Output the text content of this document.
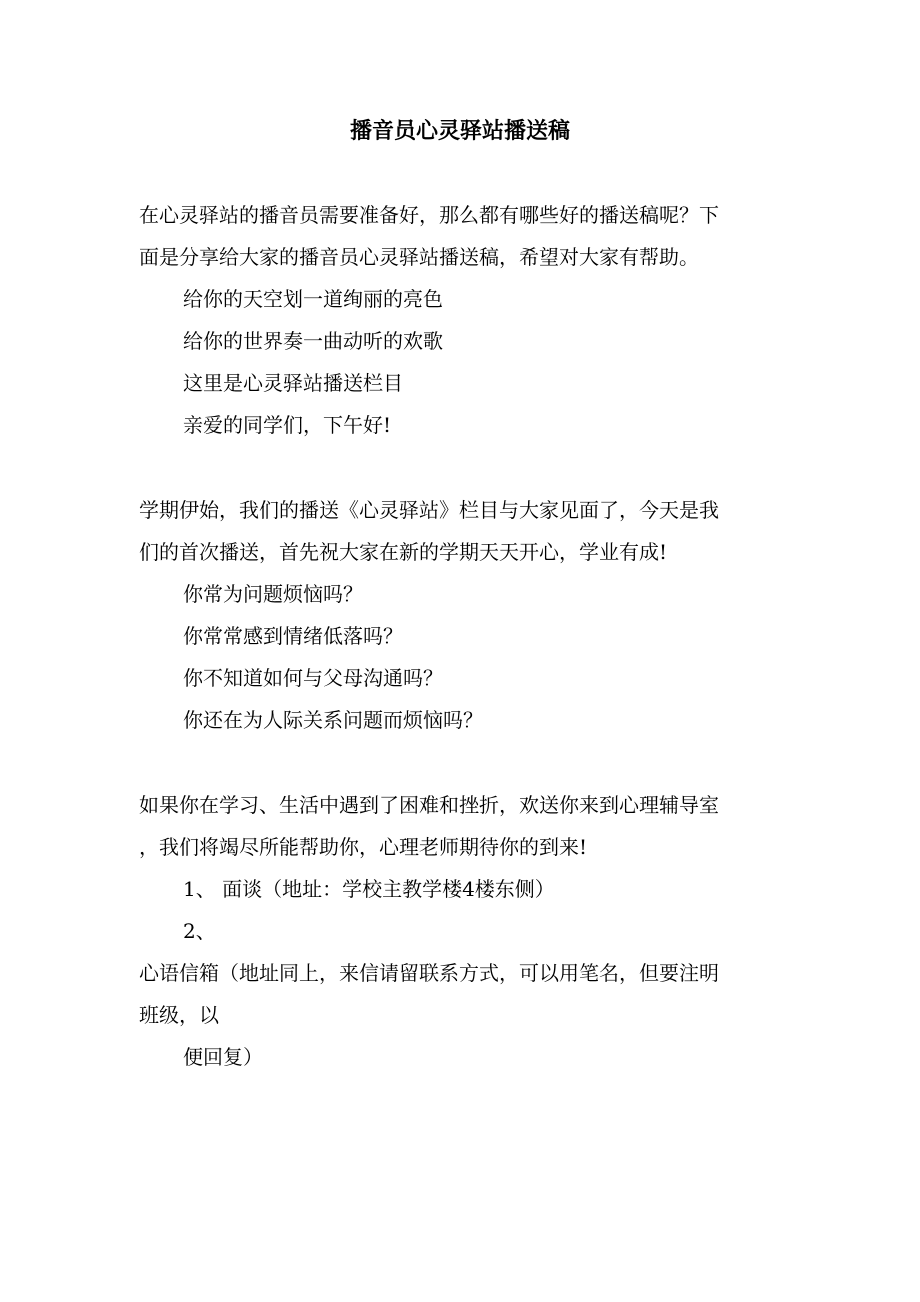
播音员心灵驿站播送稿
在心灵驿站的播音员需要准备好，那么都有哪些好的播送稿呢？下
面是分享给大家的播音员心灵驿站播送稿，希望对大家有帮助。
给你的天空划一道绚丽的亮色
给你的世界奏一曲动听的欢歌
这里是心灵驿站播送栏目
亲爱的同学们，下午好!
学期伊始，我们的播送《心灵驿站》栏目与大家见面了，今天是我
们的首次播送，首先祝大家在新的学期天天开心，学业有成!
你常为问题烦恼吗？
你常常感到情绪低落吗？
你不知道如何与父母沟通吗？
你还在为人际关系问题而烦恼吗？
如果你在学习、生活中遇到了困难和挫折，欢送你来到心理辅导室
，我们将竭尽所能帮助你，心理老师期待你的到来!
1、 面谈（地址：学校主教学楼4楼东侧）
2、
心语信箱（地址同上，来信请留联系方式，可以用笔名，但要注明
班级，以
便回复）
